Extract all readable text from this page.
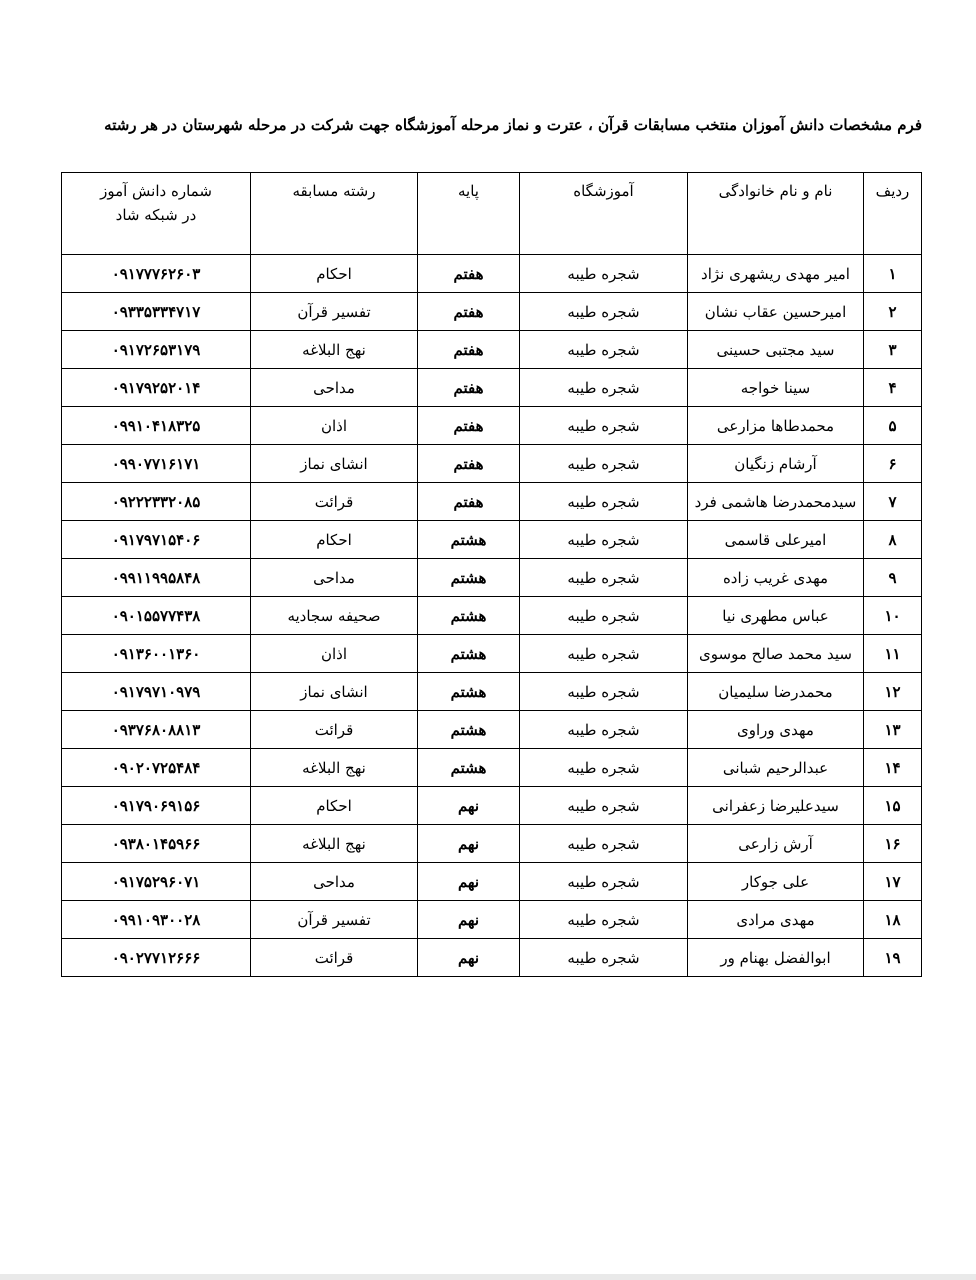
فرم مشخصات دانش آموزان منتخب مسابقات قرآن ، عترت و نماز مرحله آموزشگاه جهت شرکت در مرحله شهرستان در هر رشته
ردیف	نام و نام خانوادگی	آموزشگاه	پایه	رشته مسابقه	شماره دانش آموز
در شبکه شاد

۱	امیر مهدی ریشهری نژاد	شجره طیبه	هفتم	احکام	۰۹۱۷۷۷۶۲۶۰۳
۲	امیرحسین عقاب نشان	شجره طیبه	هفتم	تفسیر قرآن	۰۹۳۳۵۳۳۴۷۱۷
۳	سید مجتبی حسینی	شجره طیبه	هفتم	نهج البلاغه	۰۹۱۷۲۶۵۳۱۷۹
۴	سینا خواجه	شجره طیبه	هفتم	مداحی	۰۹۱۷۹۲۵۲۰۱۴
۵	محمدطاها مزارعی	شجره طیبه	هفتم	اذان	۰۹۹۱۰۴۱۸۳۲۵
۶	آرشام زنگیان	شجره طیبه	هفتم	انشای نماز	۰۹۹۰۷۷۱۶۱۷۱
۷	سیدمحمدرضا هاشمی فرد	شجره طیبه	هفتم	قرائت	۰۹۲۲۲۳۳۲۰۸۵
۸	امیرعلی قاسمی	شجره طیبه	هشتم	احکام	۰۹۱۷۹۷۱۵۴۰۶
۹	مهدی غریب زاده	شجره طیبه	هشتم	مداحی	۰۹۹۱۱۹۹۵۸۴۸
۱۰	عباس مطهری نیا	شجره طیبه	هشتم	صحیفه سجادیه	۰۹۰۱۵۵۷۷۴۳۸
۱۱	سید محمد صالح موسوی	شجره طیبه	هشتم	اذان	۰۹۱۳۶۰۰۱۳۶۰
۱۲	محمدرضا سلیمیان	شجره طیبه	هشتم	انشای نماز	۰۹۱۷۹۷۱۰۹۷۹
۱۳	مهدی وراوی	شجره طیبه	هشتم	قرائت	۰۹۳۷۶۸۰۸۸۱۳
۱۴	عبدالرحیم شبانی	شجره طیبه	هشتم	نهج البلاغه	۰۹۰۲۰۷۲۵۴۸۴
۱۵	سیدعلیرضا زعفرانی	شجره طیبه	نهم	احکام	۰۹۱۷۹۰۶۹۱۵۶
۱۶	آرش زارعی	شجره طیبه	نهم	نهج البلاغه	۰۹۳۸۰۱۴۵۹۶۶
۱۷	علی جوکار	شجره طیبه	نهم	مداحی	۰۹۱۷۵۲۹۶۰۷۱
۱۸	مهدی مرادی	شجره طیبه	نهم	تفسیر قرآن	۰۹۹۱۰۹۳۰۰۲۸
۱۹	ابوالفضل بهنام ور	شجره طیبه	نهم	قرائت	۰۹۰۲۷۷۱۲۶۶۶
